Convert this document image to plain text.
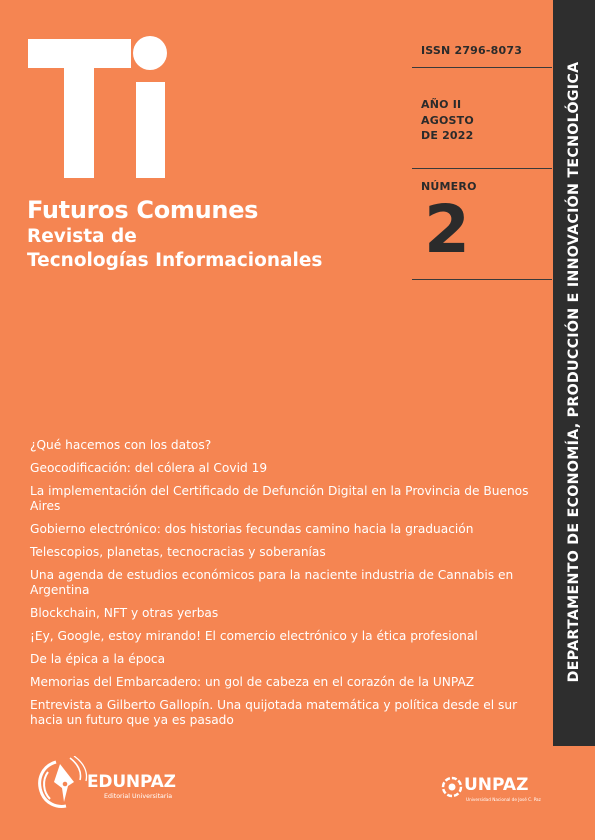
Futuros Comunes
Revista de
Tecnologías Informacionales
ISSN 2796-8073
AÑO II
AGOSTO
DE 2022
NÚMERO
2
¿Qué hacemos con los datos?
Geocodificación: del cólera al Covid 19
La implementación del Certificado de Defunción Digital en la Provincia de Buenos Aires
Gobierno electrónico: dos historias fecundas camino hacia la graduación
Telescopios, planetas, tecnocracias y soberanías
Una agenda de estudios económicos para la naciente industria de Cannabis en Argentina
Blockchain, NFT y otras yerbas
¡Ey, Google, estoy mirando! El comercio electrónico y la ética profesional
De la épica a la época
Memorias del Embarcadero: un gol de cabeza en el corazón de la UNPAZ
Entrevista a Gilberto Gallopín. Una quijotada matemática y política desde el sur hacia un futuro que ya es pasado
DEPARTAMENTO DE ECONOMÍA, PRODUCCIÓN E INNOVACIÓN TECNOLÓGICA
EDUNPAZ
Editorial Universitaria
UNPAZ
Universidad Nacional de José C. Paz
